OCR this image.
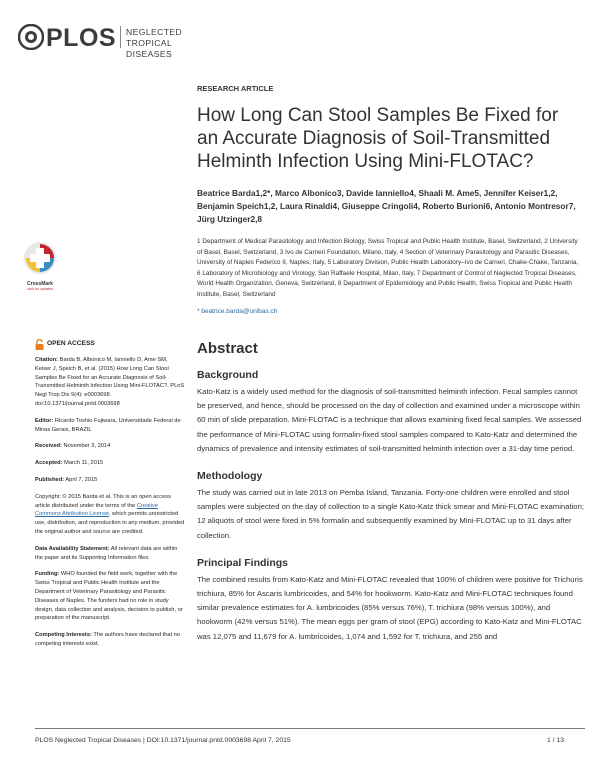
PLOS NEGLECTED
TROPICAL DISEASES
RESEARCH ARTICLE
How Long Can Stool Samples Be Fixed for an Accurate Diagnosis of Soil-Transmitted Helminth Infection Using Mini-FLOTAC?
Beatrice Barda1,2*, Marco Albonico3, Davide Ianniello4, Shaali M. Ame5, Jennifer Keiser1,2, Benjamin Speich1,2, Laura Rinaldi4, Giuseppe Cringoli4, Roberto Burioni6, Antonio Montresor7, Jürg Utzinger2,8
1 Department of Medical Parasitology and Infection Biology, Swiss Tropical and Public Health Institute, Basel, Switzerland, 2 University of Basel, Basel, Switzerland, 3 Ivo de Carneri Foundation, Milano, Italy, 4 Section of Veterinary Parasitology and Parasitic Diseases, University of Naples Federico II, Naples, Italy, 5 Laboratory Division, Public Health Laboratory–Ivo de Carneri, Chake-Chake, Tanzania, 6 Laboratory of Microbiology and Virology, San Raffaele Hospital, Milan, Italy, 7 Department of Control of Neglected Tropical Diseases, World Health Organization, Geneva, Switzerland, 8 Department of Epidemiology and Public Health, Swiss Tropical and Public Health Institute, Basel, Switzerland
* beatrice.barda@unibas.ch
CrossMark
click for updates
OPEN ACCESS
Citation: Barda B, Albonico M, Ianniello D, Ame SM, Keiser J, Speich B, et al. (2015) How Long Can Stool Samples Be Fixed for an Accurate Diagnosis of Soil-Transmitted Helminth Infection Using Mini-FLOTAC?. PLoS Negl Trop Dis 9(4): e0003698. doi:10.1371/journal.pntd.0003698
Editor: Ricardo Toshio Fujiwara, Universidade Federal de Minas Gerais, BRAZIL
Received: November 3, 2014
Accepted: March 11, 2015
Published: April 7, 2015
Copyright: © 2015 Barda et al. This is an open access article distributed under the terms of the Creative Commons Attribution License, which permits unrestricted use, distribution, and reproduction in any medium, provided the original author and source are credited.
Data Availability Statement: All relevant data are within the paper and its Supporting Information files.
Funding: WHO founded the field work, together with the Swiss Tropical and Public Health Institute and the Department of Veterinary Parasitology and Parasitic Diseases of Naples. The funders had no role in study design, data collection and analysis, decision to publish, or preparation of the manuscript.
Competing Interests: The authors have declared that no competing interests exist.
Abstract
Background

Kato-Katz is a widely used method for the diagnosis of soil-transmitted helminth infection. Fecal samples cannot be preserved, and hence, should be processed on the day of collection and examined under a microscope within 60 min of slide preparation. Mini-FLOTAC is a technique that allows examining fixed fecal samples. We assessed the performance of Mini-FLOTAC using formalin-fixed stool samples compared to Kato-Katz and determined the dynamics of prevalence and intensity estimates of soil-transmitted helminth infection over a 31-day time period.

Methodology

The study was carried out in late 2013 on Pemba Island, Tanzania. Forty-one children were enrolled and stool samples were subjected on the day of collection to a single Kato-Katz thick smear and Mini-FLOTAC examination; 12 aliquots of stool were fixed in 5% formalin and subsequently examined by Mini-FLOTAC up to 31 days after collection.

Principal Findings

The combined results from Kato-Katz and Mini-FLOTAC revealed that 100% of children were positive for Trichuris trichiura, 85% for Ascaris lumbricoides, and 54% for hookworm. Kato-Katz and Mini-FLOTAC techniques found similar prevalence estimates for A. lumbricoides (85% versus 76%), T. trichiura (98% versus 100%), and hookworm (42% versus 51%). The mean eggs per gram of stool (EPG) according to Kato-Katz and Mini-FLOTAC was 12,075 and 11,679 for A. lumbricoides, 1,074 and 1,592 for T. trichiura, and 255 and

PLOS Neglected Tropical Diseases | DOI:10.1371/journal.pntd.0003698 April 7, 2015	1 / 13
